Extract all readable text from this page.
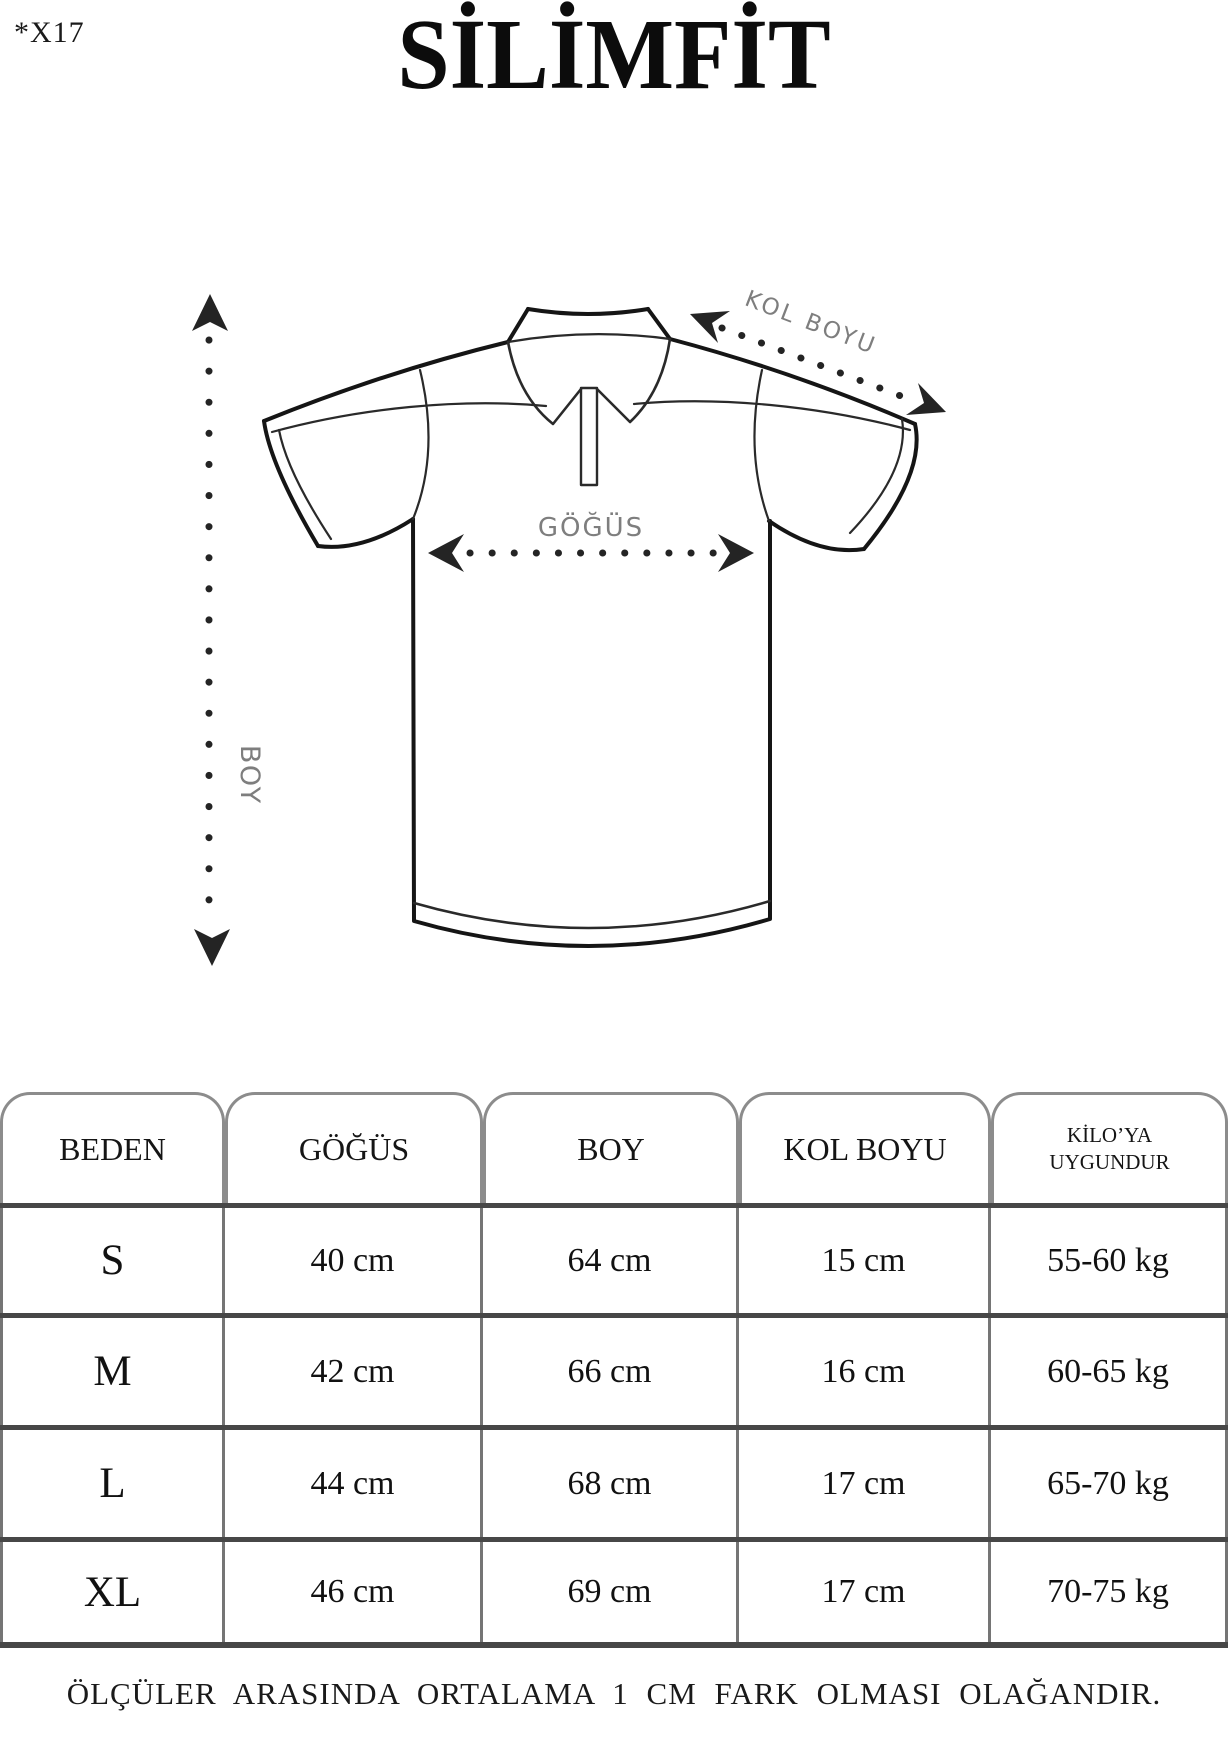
*X17	SİLİMFİT
BOY
GÖĞÜS
KOL BOYU
BEDEN	GÖĞÜS	BOY	KOL BOYU	KİLO’YA UYGUNDUR
S	40 cm	64 cm	15 cm	55-60 kg
M	42 cm	66 cm	16 cm	60-65 kg
L	44 cm	68 cm	17 cm	65-70 kg
XL	46 cm	69 cm	17 cm	70-75 kg
ÖLÇÜLER ARASINDA ORTALAMA 1 CM FARK OLMASI OLAĞANDIR.
